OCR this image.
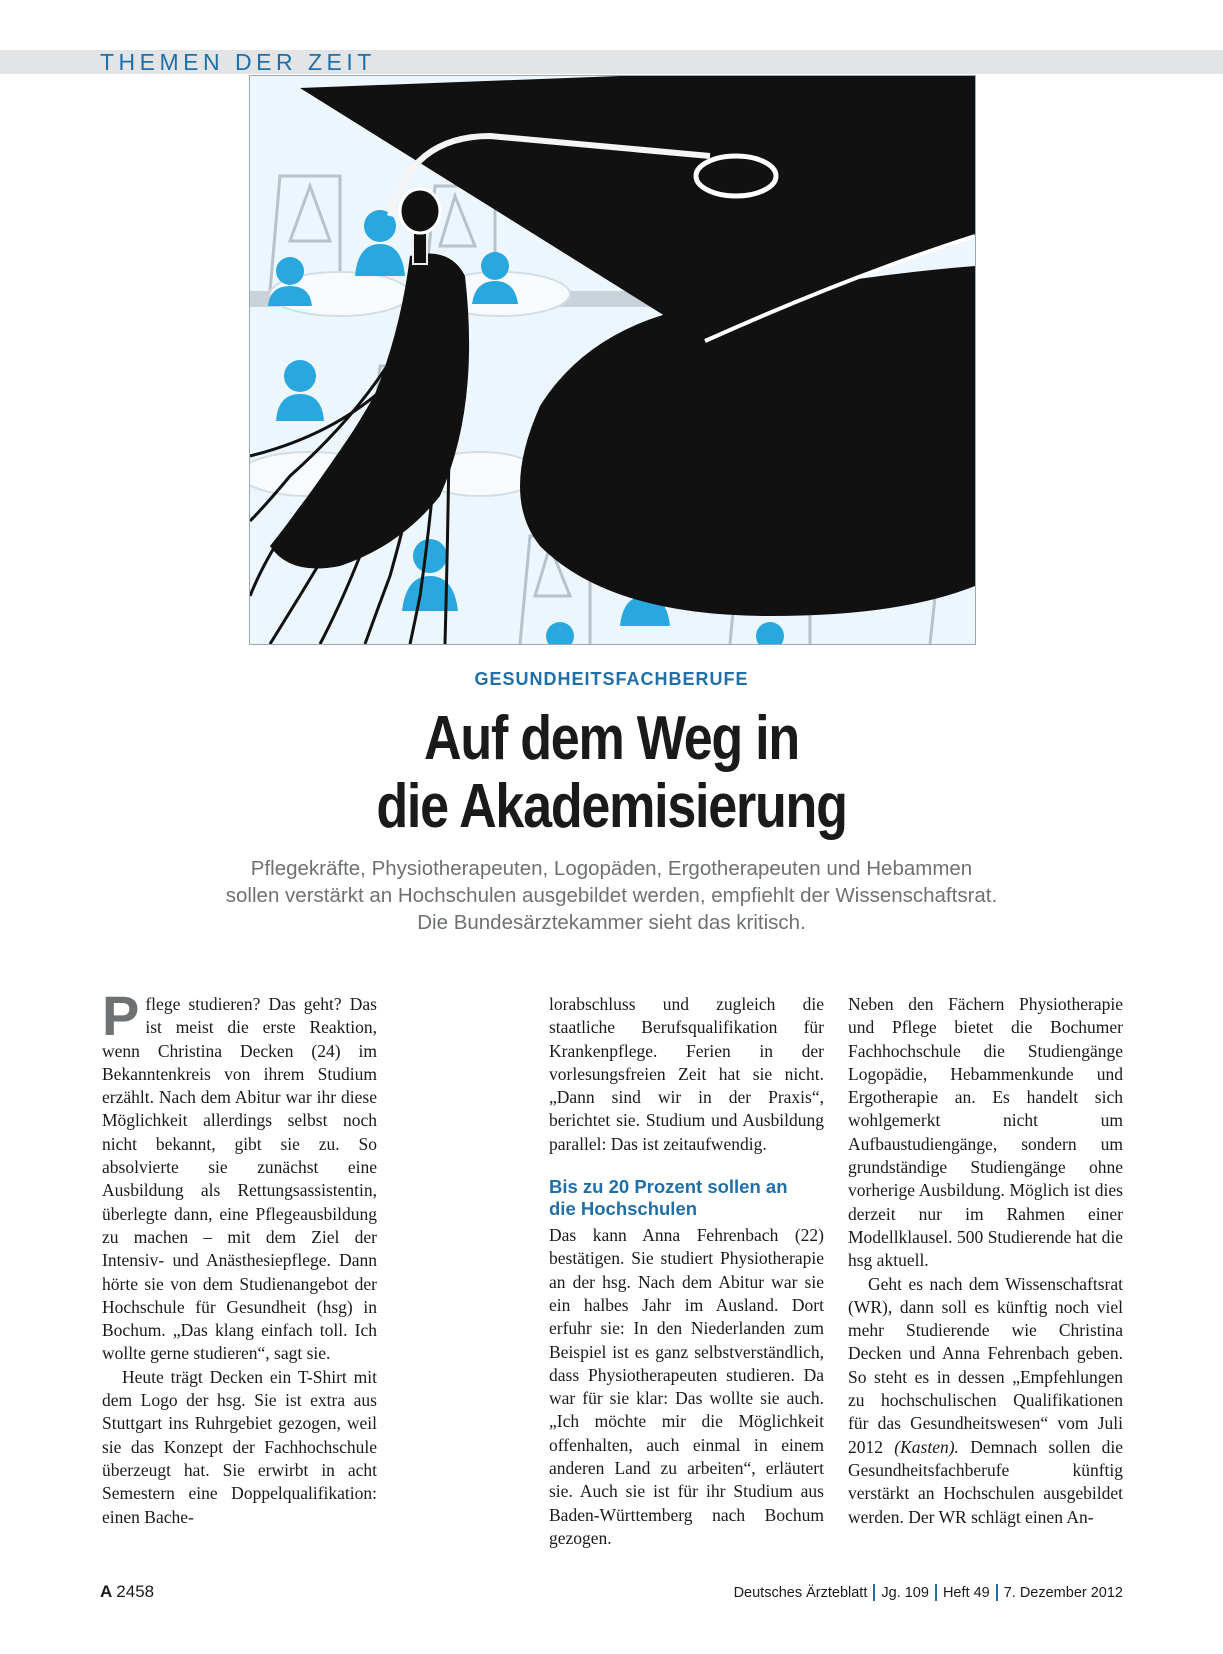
THEMEN DER ZEIT
GESUNDHEITSFACHBERUFE
Auf dem Weg in
die Akademisierung
Pflegekräfte, Physiotherapeuten, Logopäden, Ergotherapeuten und Hebammen
sollen verstärkt an Hochschulen ausgebildet werden, empfiehlt der Wissenschaftsrat.
Die Bundesärztekammer sieht das kritisch.

Pflege studieren? Das geht? Das ist meist die erste Reaktion, wenn Christina Decken (24) im Bekanntenkreis von ihrem Studium erzählt. Nach dem Abitur war ihr diese Möglichkeit allerdings selbst noch nicht bekannt, gibt sie zu. So absolvierte sie zunächst eine Ausbildung als Rettungsassistentin, überlegte dann, eine Pflegeausbildung zu machen – mit dem Ziel der Intensiv- und Anästhesiepflege. Dann hörte sie von dem Studienangebot der Hochschule für Gesundheit (hsg) in Bochum. „Das klang einfach toll. Ich wollte gerne studieren“, sagt sie.

Heute trägt Decken ein T-Shirt mit dem Logo der hsg. Sie ist extra aus Stuttgart ins Ruhrgebiet gezogen, weil sie das Konzept der Fachhochschule überzeugt hat. Sie erwirbt in acht Semestern eine Doppelqualifikation: einen Bache-

lorabschluss und zugleich die staatliche Berufsqualifikation für Krankenpflege. Ferien in der vorlesungsfreien Zeit hat sie nicht. „Dann sind wir in der Praxis“, berichtet sie. Studium und Ausbildung parallel: Das ist zeitaufwendig.

Bis zu 20 Prozent sollen an
die Hochschulen

Das kann Anna Fehrenbach (22) bestätigen. Sie studiert Physiotherapie an der hsg. Nach dem Abitur war sie ein halbes Jahr im Ausland. Dort erfuhr sie: In den Niederlanden zum Beispiel ist es ganz selbstverständlich, dass Physiotherapeuten studieren. Da war für sie klar: Das wollte sie auch. „Ich möchte mir die Möglichkeit offenhalten, auch einmal in einem anderen Land zu arbeiten“, erläutert sie. Auch sie ist für ihr Studium aus Baden-Württemberg nach Bochum gezogen.

Neben den Fächern Physiotherapie und Pflege bietet die Bochumer Fachhochschule die Studiengänge Logopädie, Hebammenkunde und Ergotherapie an. Es handelt sich wohlgemerkt nicht um Aufbaustudiengänge, sondern um grundständige Studiengänge ohne vorherige Ausbildung. Möglich ist dies derzeit nur im Rahmen einer Modellklausel. 500 Studierende hat die hsg aktuell.

Geht es nach dem Wissenschaftsrat (WR), dann soll es künftig noch viel mehr Studierende wie Christina Decken und Anna Fehrenbach geben. So steht es in dessen „Empfehlungen zu hochschulischen Qualifikationen für das Gesundheitswesen“ vom Juli 2012 (Kasten). Demnach sollen die Gesundheitsfachberufe künftig verstärkt an Hochschulen ausgebildet werden. Der WR schlägt einen An-

A 2458	Deutsches Ärzteblatt Jg. 109 Heft 49 7. Dezember 2012
